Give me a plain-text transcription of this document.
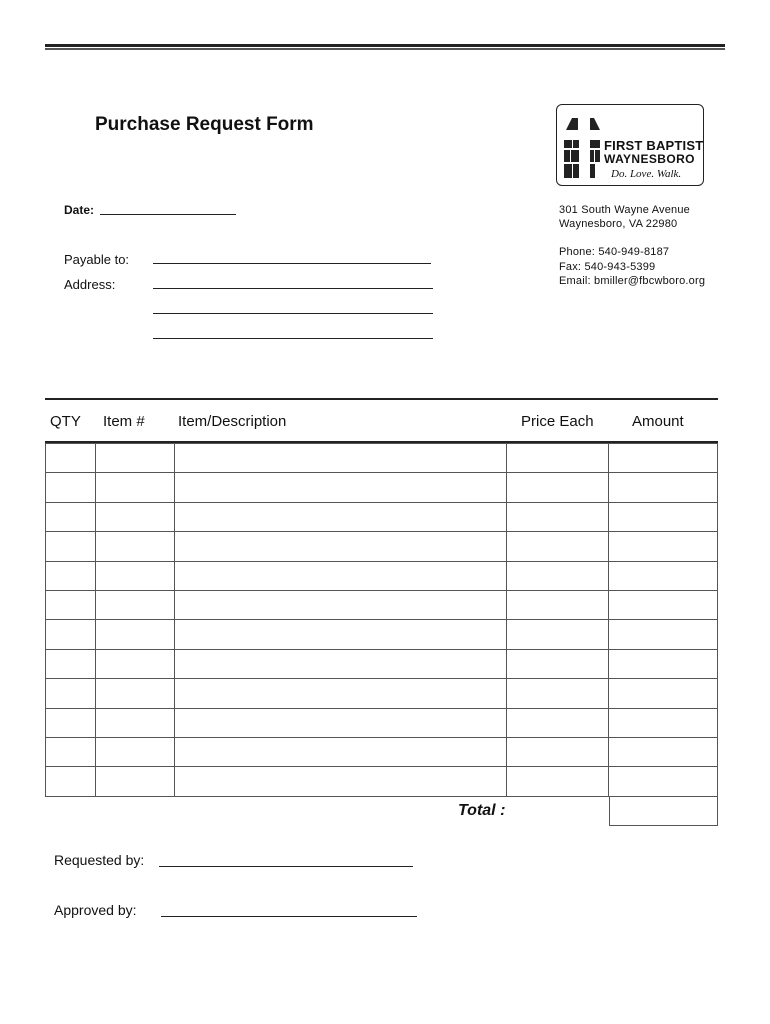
Purchase Request Form
FIRST BAPTIST
WAYNESBORO
Do. Love. Walk.
301 South Wayne Avenue
Waynesboro, VA 22980
Phone: 540-949-8187
Fax: 540-943-5399
Email: bmiller@fbcwboro.org
Date:
Payable to:
Address:
QTY Item # Item/Description	Price Each	Amount

Total :
Requested by:
Approved by:
